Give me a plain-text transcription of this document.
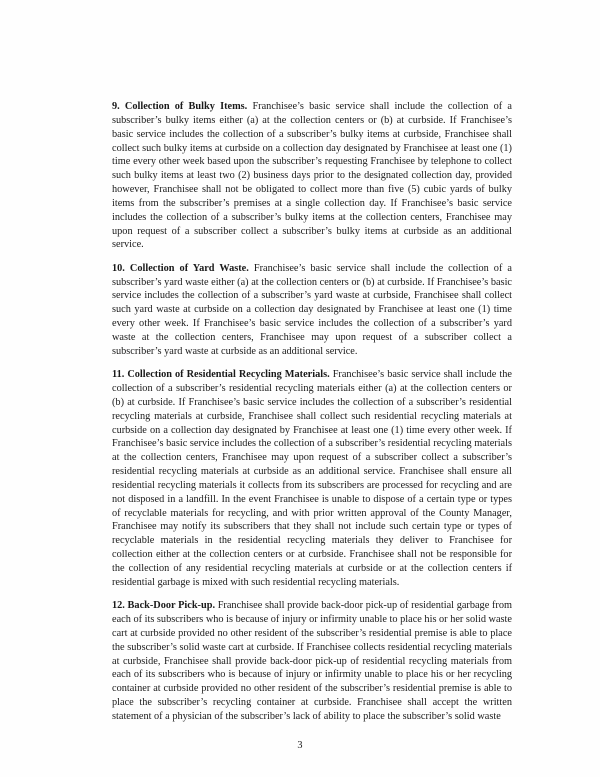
9. Collection of Bulky Items. Franchisee’s basic service shall include the collection of a subscriber’s bulky items either (a) at the collection centers or (b) at curbside. If Franchisee’s basic service includes the collection of a subscriber’s bulky items at curbside, Franchisee shall collect such bulky items at curbside on a collection day designated by Franchisee at least one (1) time every other week based upon the subscriber’s requesting Franchisee by telephone to collect such bulky items at least two (2) business days prior to the designated collection day, provided however, Franchisee shall not be obligated to collect more than five (5) cubic yards of bulky items from the subscriber’s premises at a single collection day. If Franchisee’s basic service includes the collection of a subscriber’s bulky items at the collection centers, Franchisee may upon request of a subscriber collect a subscriber’s bulky items at curbside as an additional service.

10. Collection of Yard Waste. Franchisee’s basic service shall include the collection of a subscriber’s yard waste either (a) at the collection centers or (b) at curbside. If Franchisee’s basic service includes the collection of a subscriber’s yard waste at curbside, Franchisee shall collect such yard waste at curbside on a collection day designated by Franchisee at least one (1) time every other week. If Franchisee’s basic service includes the collection of a subscriber’s yard waste at the collection centers, Franchisee may upon request of a subscriber collect a subscriber’s yard waste at curbside as an additional service.

11. Collection of Residential Recycling Materials. Franchisee’s basic service shall include the collection of a subscriber’s residential recycling materials either (a) at the collection centers or (b) at curbside. If Franchisee’s basic service includes the collection of a subscriber’s residential recycling materials at curbside, Franchisee shall collect such residential recycling materials at curbside on a collection day designated by Franchisee at least one (1) time every other week. If Franchisee’s basic service includes the collection of a subscriber’s residential recycling materials at the collection centers, Franchisee may upon request of a subscriber collect a subscriber’s residential recycling materials at curbside as an additional service. Franchisee shall ensure all residential recycling materials it collects from its subscribers are processed for recycling and are not disposed in a landfill. In the event Franchisee is unable to dispose of a certain type or types of recyclable materials for recycling, and with prior written approval of the County Manager, Franchisee may notify its subscribers that they shall not include such certain type or types of recyclable materials in the residential recycling materials they deliver to Franchisee for collection either at the collection centers or at curbside. Franchisee shall not be responsible for the collection of any residential recycling materials at curbside or at the collection centers if residential garbage is mixed with such residential recycling materials.

12. Back-Door Pick-up. Franchisee shall provide back-door pick-up of residential garbage from each of its subscribers who is because of injury or infirmity unable to place his or her solid waste cart at curbside provided no other resident of the subscriber’s residential premise is able to place the subscriber’s solid waste cart at curbside. If Franchisee collects residential recycling materials at curbside, Franchisee shall provide back-door pick-up of residential recycling materials from each of its subscribers who is because of injury or infirmity unable to place his or her recycling container at curbside provided no other resident of the subscriber’s residential premise is able to place the subscriber’s recycling container at curbside. Franchisee shall accept the written statement of a physician of the subscriber’s lack of ability to place the subscriber’s solid waste

3
